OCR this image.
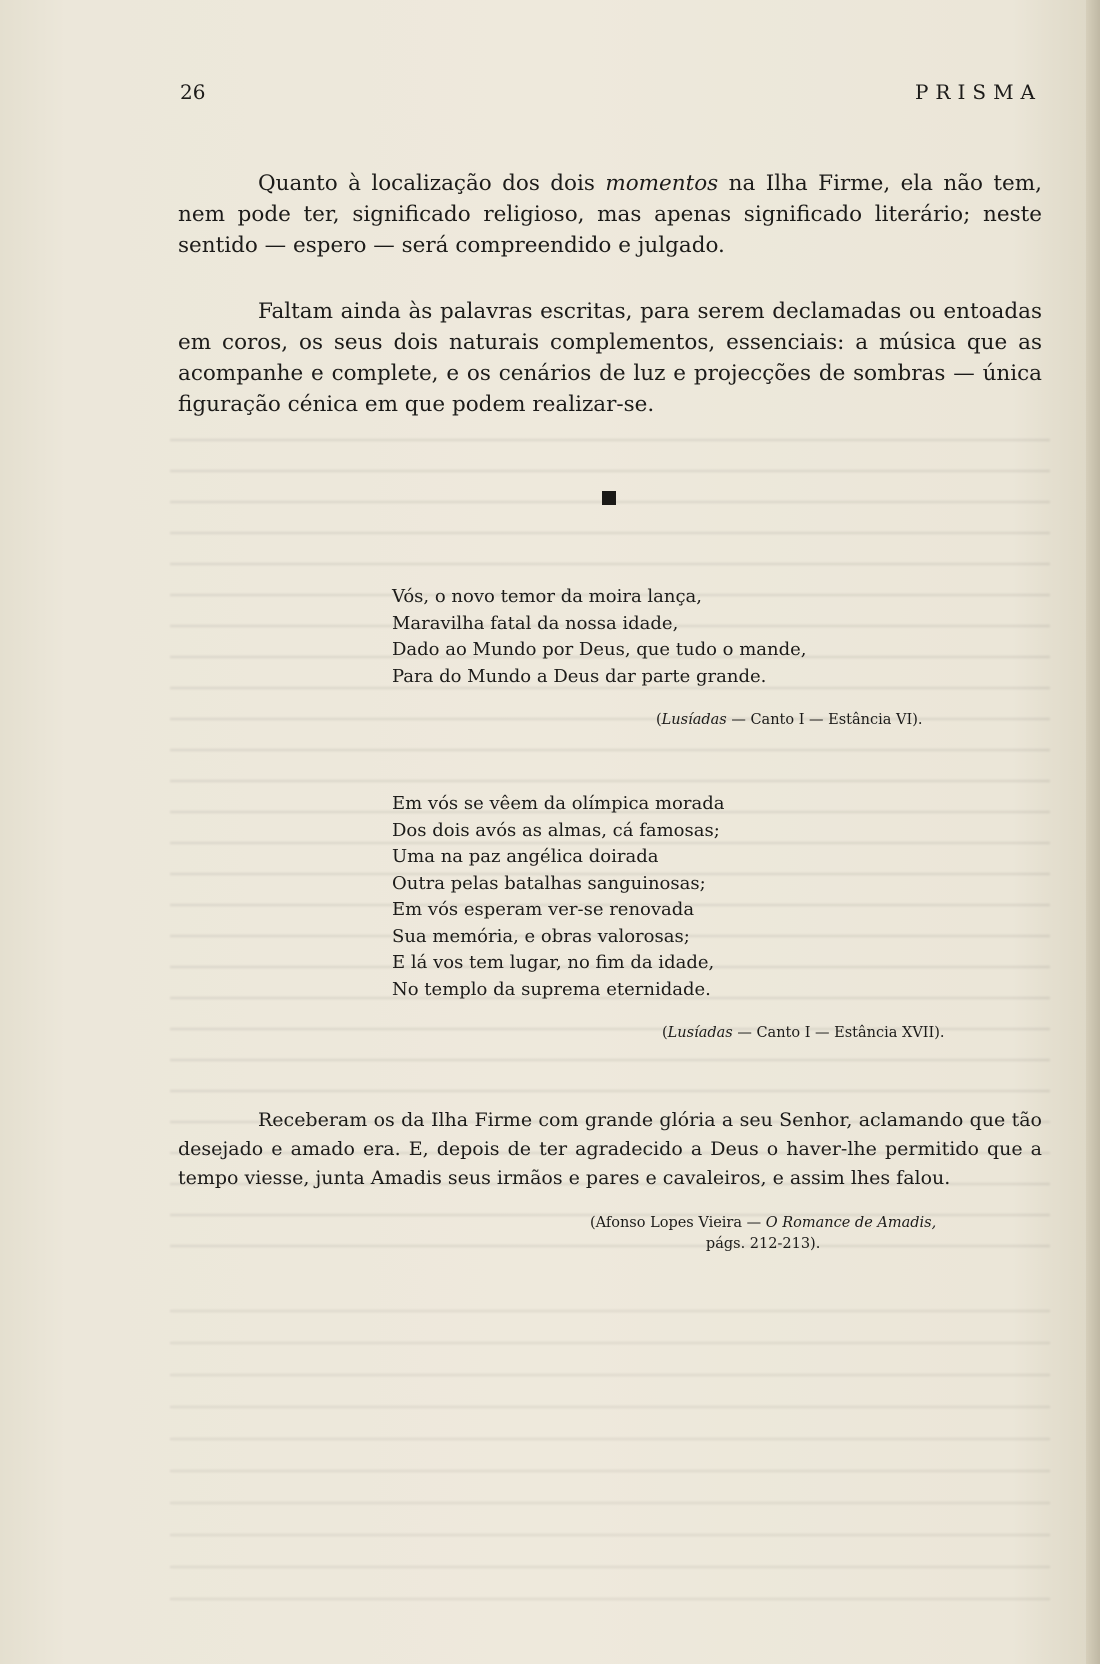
26	PRISMA

Quanto à localização dos dois momentos na Ilha Firme, ela não tem, nem pode ter, significado religioso, mas apenas significado literário; neste sentido — espero — será compreendido e julgado.

Faltam ainda às palavras escritas, para serem declamadas ou entoadas em coros, os seus dois naturais complementos, essenciais: a música que as acompanhe e complete, e os cenários de luz e projecções de sombras — única figuração cénica em que podem realizar-se.

Vós, o novo temor da moira lança,
Maravilha fatal da nossa idade,
Dado ao Mundo por Deus, que tudo o mande,
Para do Mundo a Deus dar parte grande.
(Lusíadas — Canto I — Estância VI).
Em vós se vêem da olímpica morada
Dos dois avós as almas, cá famosas;
Uma na paz angélica doirada
Outra pelas batalhas sanguinosas;
Em vós esperam ver-se renovada
Sua memória, e obras valorosas;
E lá vos tem lugar, no fim da idade,
No templo da suprema eternidade.
(Lusíadas — Canto I — Estância XVII).

Receberam os da Ilha Firme com grande glória a seu Senhor, aclamando que tão desejado e amado era. E, depois de ter agradecido a Deus o haver-lhe permitido que a tempo viesse, junta Amadis seus irmãos e pares e cavaleiros, e assim lhes falou.

(Afonso Lopes Vieira — O Romance de Amadis,
págs. 212-213).
